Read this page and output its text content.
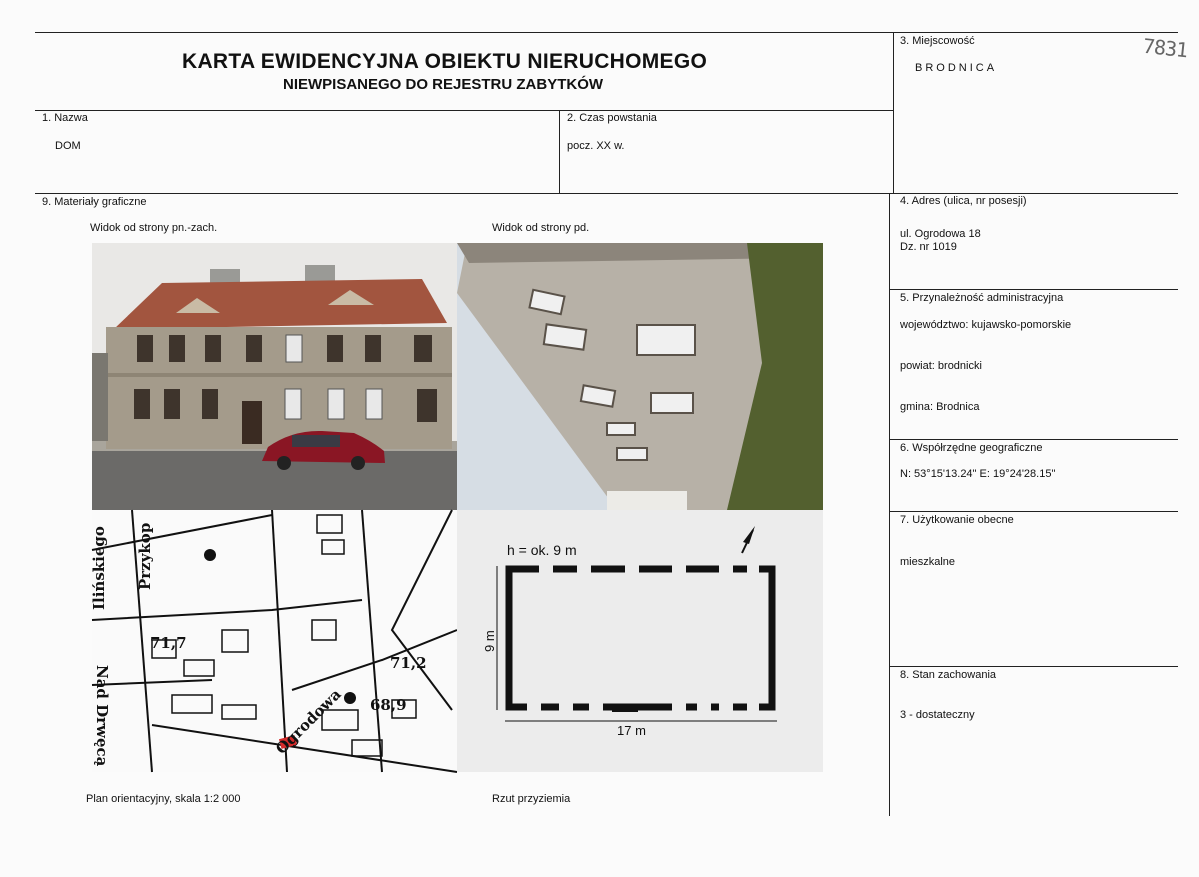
KARTA EWIDENCYJNA OBIEKTU NIERUCHOMEGO
NIEWPISANEGO DO REJESTRU ZABYTKÓW
7831
1. Nazwa
DOM
2. Czas powstania
pocz. XX w.
3. Miejscowość
BRODNICA
4. Adres (ulica, nr posesji)
ul. Ogrodowa 18
Dz. nr 1019
5. Przynależność administracyjna
województwo: kujawsko-pomorskie
powiat: brodnicki
gmina: Brodnica
6. Współrzędne geograficzne
N: 53°15'13.24" E: 19°24'28.15"
7. Użytkowanie obecne
mieszkalne
8. Stan zachowania
3 - dostateczny
9. Materiały graficzne
Widok od strony pn.-zach.	Widok od strony pd.
Ilińskiego Przykop
Nad Drwęcą	Ogrodowa
71,7
71,2
68,9
h = ok. 9 m
17 m
9 m
Plan orientacyjny, skala 1:2 000	Rzut przyziemia
